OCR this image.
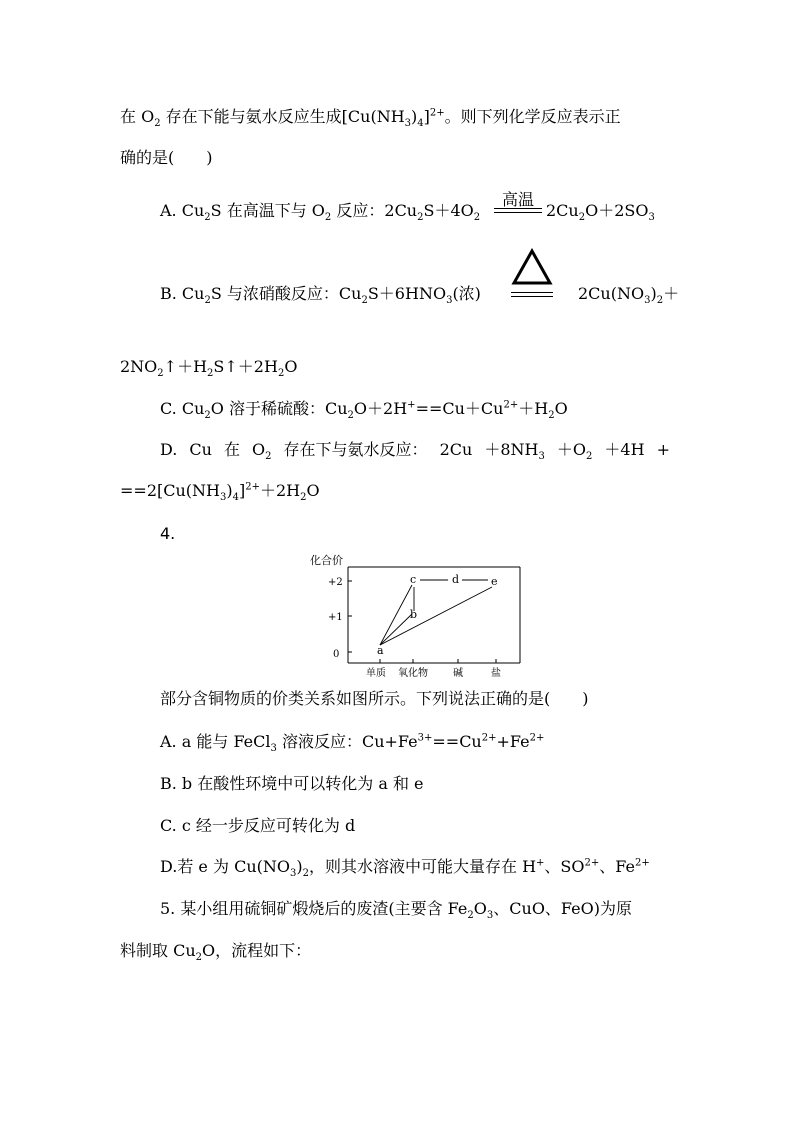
在 $O_2$ 存在下能与氨水反应生成$[Cu(NH_3)_4]^{2+}$。则下列化学反应表示正
确的是(　　)
A. $Cu_2S$ 在高温下与 $O_2$ 反应：$2Cu_2S+4O_2$
高温
$2Cu_2O+2SO_3$
B. $Cu_2S$ 与浓硝酸反应：$Cu_2S+6HNO_3$(浓)	$2Cu(NO_3)_2+$
$2NO_2↑+H_2S↑+2H_2O$
C. $Cu_2O$ 溶于稀硫酸：$Cu_2O+2H^+==Cu+Cu^{2+}+H_2O$
D. Cu 在 $O_2$ 存在下与氨水反应： $2Cu +8NH_3 +O_2 +4H$ +
$==2[Cu(NH_3)_4]^{2+}+2H_2O$
4.
化合价
+2
+1
0
单质 氧化物	碱	盐
a
b
c	d	e
部分含铜物质的价类关系如图所示。下列说法正确的是(　　)
A. a 能与 FeCl$_3$ 溶液反应：$Cu+Fe^{3+}==Cu^{2+}+Fe^{2+}$
B. b 在酸性环境中可以转化为 a 和 e
C. c 经一步反应可转化为 d
D.若 e 为 $Cu(NO_3)_2$，则其水溶液中可能大量存在 H+、$SO^{2+}$、$Fe^{2+}$
5. 某小组用硫铜矿煅烧后的废渣(主要含 $Fe_2O_3$、CuO、FeO)为原
料制取 $Cu_2O$，流程如下：
